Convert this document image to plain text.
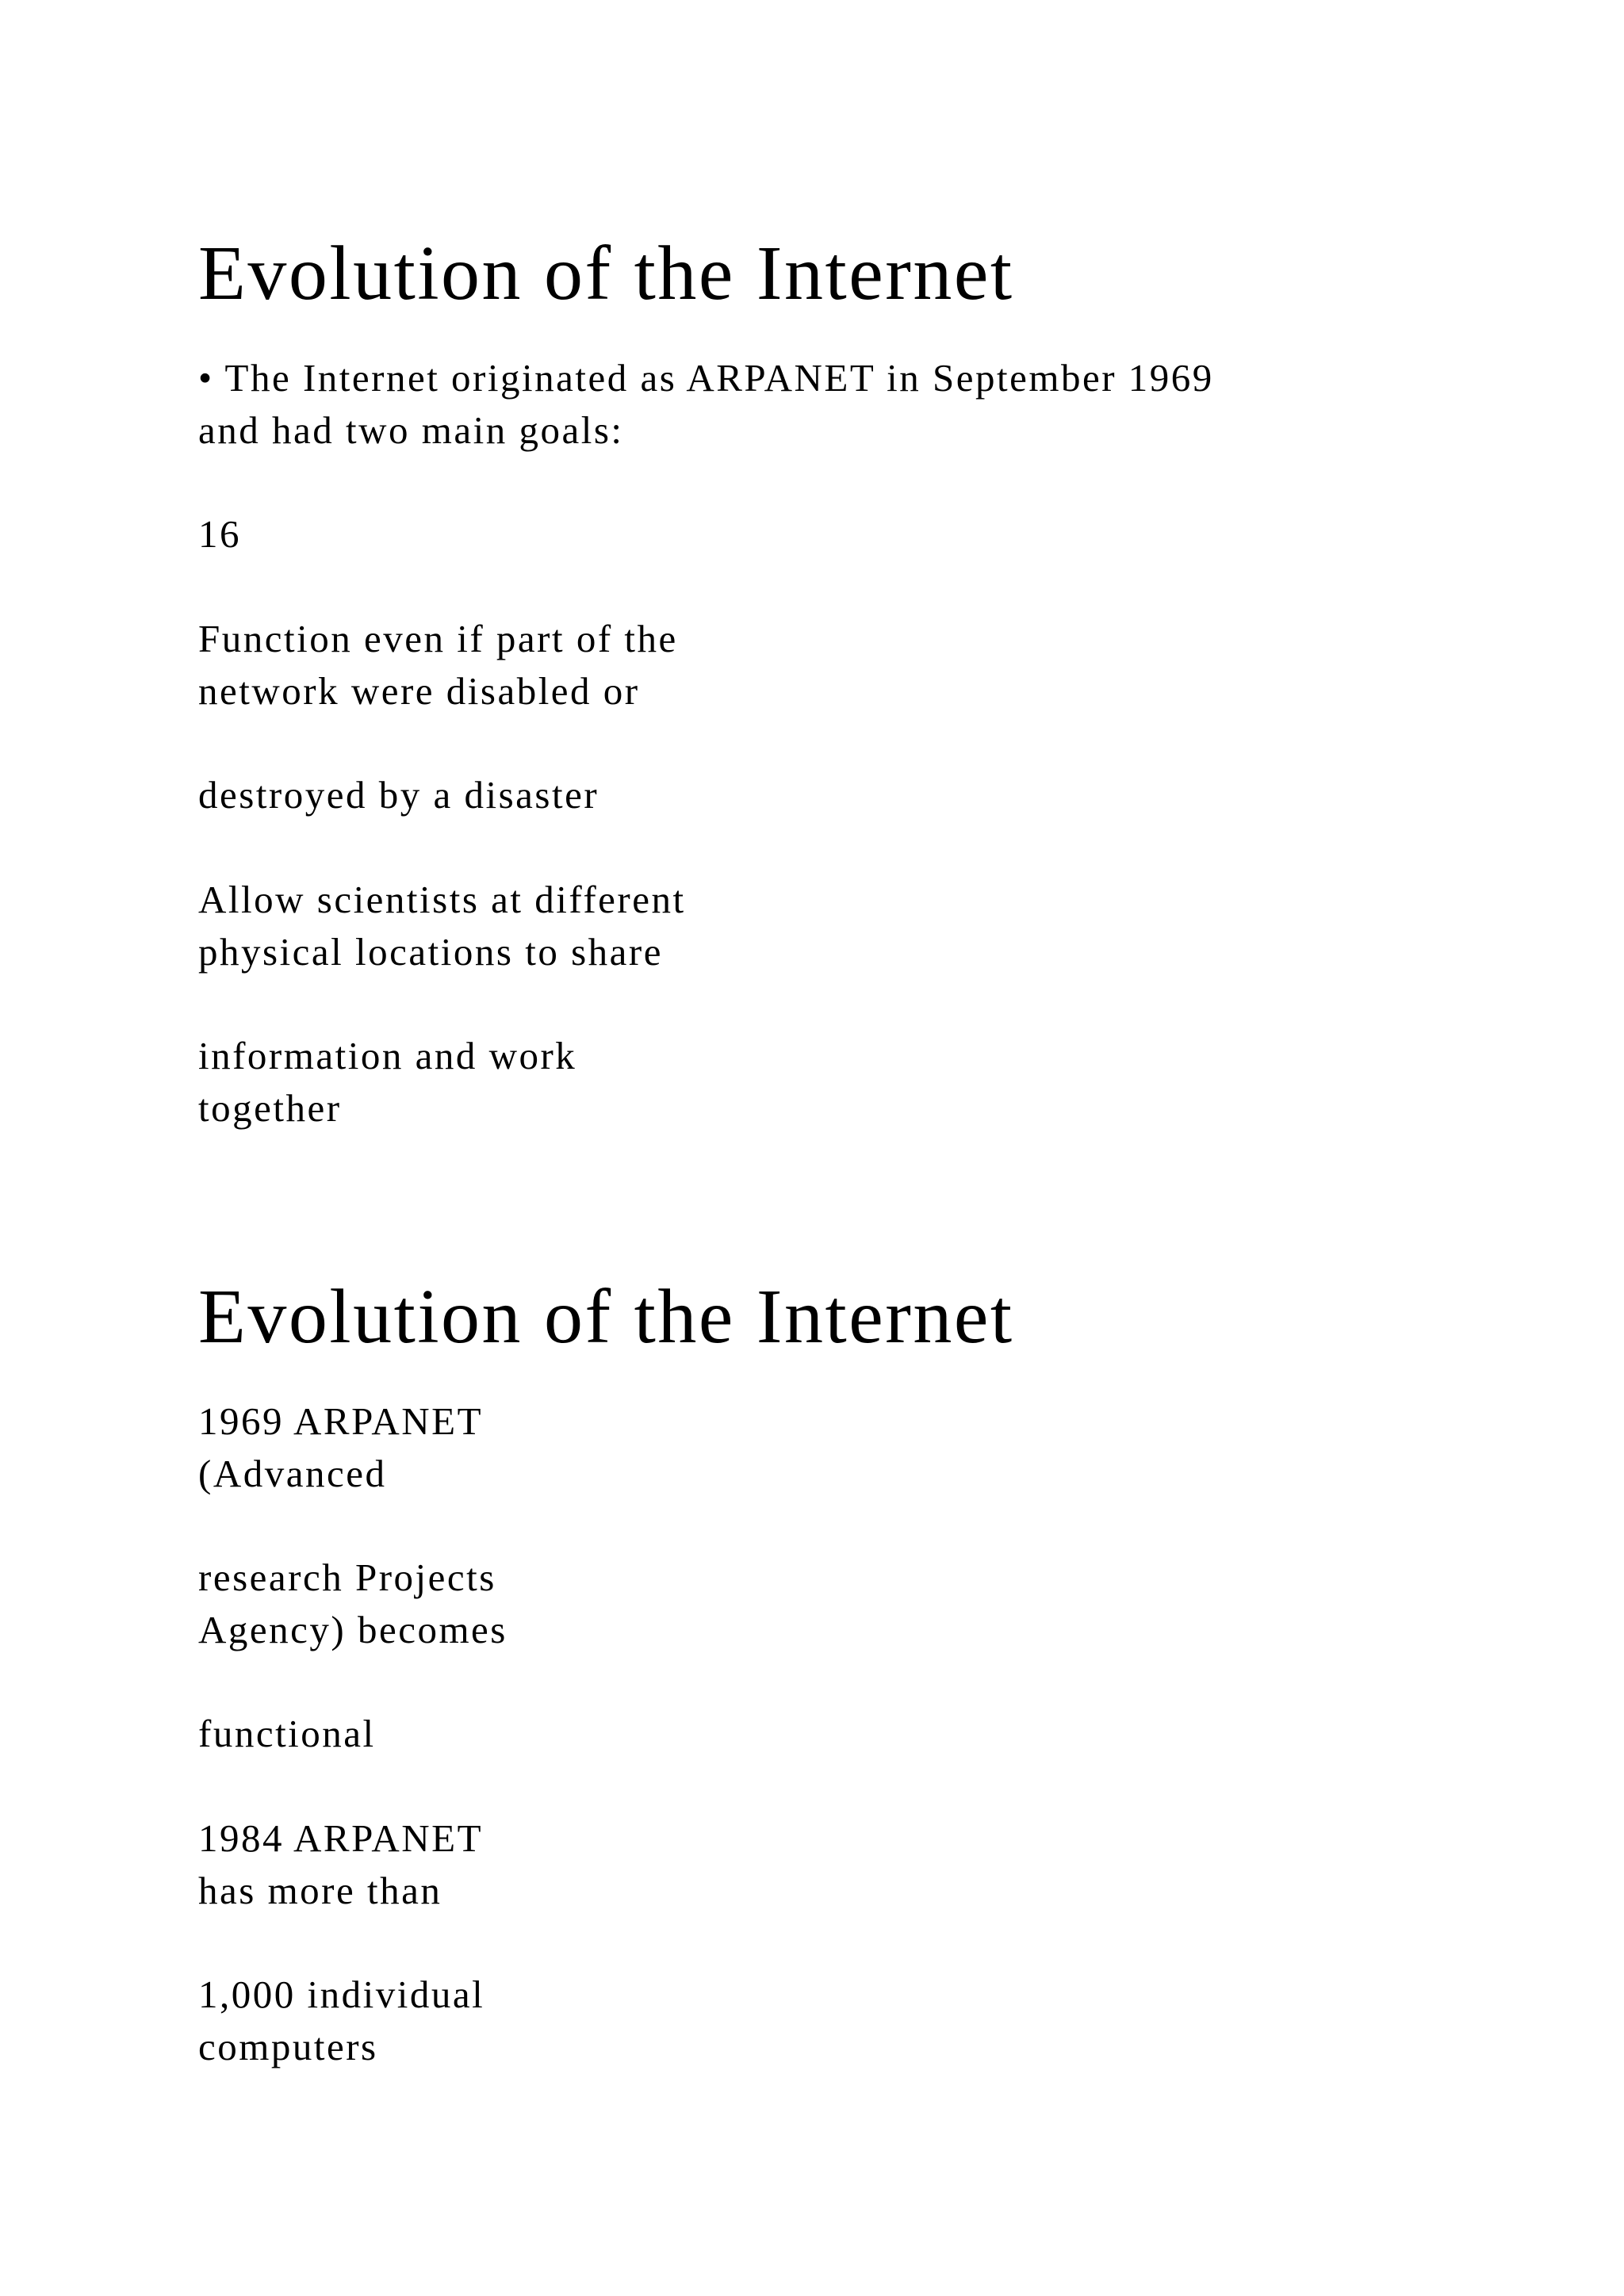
Evolution of the Internet

• The Internet originated as ARPANET in September 1969

and had two main goals:

16

Function even if part of the

network were disabled or

destroyed by a disaster

Allow scientists at different

physical locations to share

information and work

together

Evolution of the Internet

1969 ARPANET

(Advanced

research Projects

Agency) becomes

functional

1984 ARPANET

has more than

1,000 individual

computers
